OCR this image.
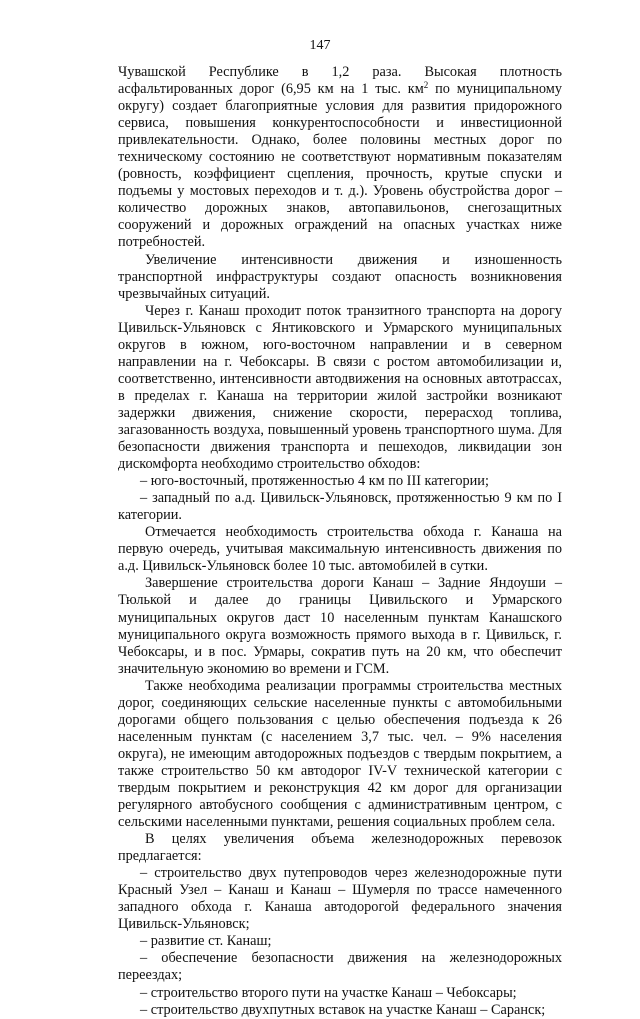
147

Чувашской Республике в 1,2 раза. Высокая плотность асфальтированных дорог (6,95 км на 1 тыс. $км^2$ по муниципальному округу) создает благоприятные условия для развития придорожного сервиса, повышения конкурентоспособности и инвестиционной привлекательности. Однако, более половины местных дорог по техническому состоянию не соответствуют нормативным показателям (ровность, коэффициент сцепления, прочность, крутые спуски и подъемы у мостовых переходов и т. д.). Уровень обустройства дорог – количество дорожных знаков, автопавильонов, снегозащитных сооружений и дорожных ограждений на опасных участках ниже потребностей.

Увеличение интенсивности движения и изношенность транспортной инфраструктуры создают опасность возникновения чрезвычайных ситуаций.

Через г. Канаш проходит поток транзитного транспорта на дорогу Цивильск-Ульяновск с Янтиковского и Урмарского муниципальных округов в южном, юго-восточном направлении и в северном направлении на г. Чебоксары. В связи с ростом автомобилизации и, соответственно, интенсивности автодвижения на основных автотрассах, в пределах г. Канаша на территории жилой застройки возникают задержки движения, снижение скорости, перерасход топлива, загазованность воздуха, повышенный уровень транспортного шума. Для безопасности движения транспорта и пешеходов, ликвидации зон дискомфорта необходимо строительство обходов:

– юго-восточный, протяженностью 4 км по III категории;

– западный по а.д. Цивильск-Ульяновск, протяженностью 9 км по I категории.

Отмечается необходимость строительства обхода г. Канаша на первую очередь, учитывая максимальную интенсивность движения по а.д. Цивильск-Ульяновск более 10 тыс. автомобилей в сутки.

Завершение строительства дороги Канаш – Задние Яндоуши – Тюлькой и далее до границы Цивильского и Урмарского муниципальных округов даст 10 населенным пунктам Канашского муниципального округа возможность прямого выхода в г. Цивильск, г. Чебоксары, и в пос. Урмары, сократив путь на 20 км, что обеспечит значительную экономию во времени и ГСМ.

Также необходима реализации программы строительства местных дорог, соединяющих сельские населенные пункты с автомобильными дорогами общего пользования с целью обеспечения подъезда к 26 населенным пунктам (с населением 3,7 тыс. чел. – 9% населения округа), не имеющим автодорожных подъездов с твердым покрытием, а также строительство 50 км автодорог IV-V технической категории с твердым покрытием и реконструкция 42 км дорог для организации регулярного автобусного сообщения с административным центром, с сельскими населенными пунктами, решения социальных проблем села.

В целях увеличения объема железнодорожных перевозок предлагается:

– строительство двух путепроводов через железнодорожные пути Красный Узел – Канаш и Канаш – Шумерля по трассе намеченного западного обхода г. Канаша автодорогой федерального значения Цивильск-Ульяновск;

– развитие ст. Канаш;

– обеспечение безопасности движения на железнодорожных переездах;

– строительство второго пути на участке Канаш – Чебоксары;

– строительство двухпутных вставок на участке Канаш – Саранск;
